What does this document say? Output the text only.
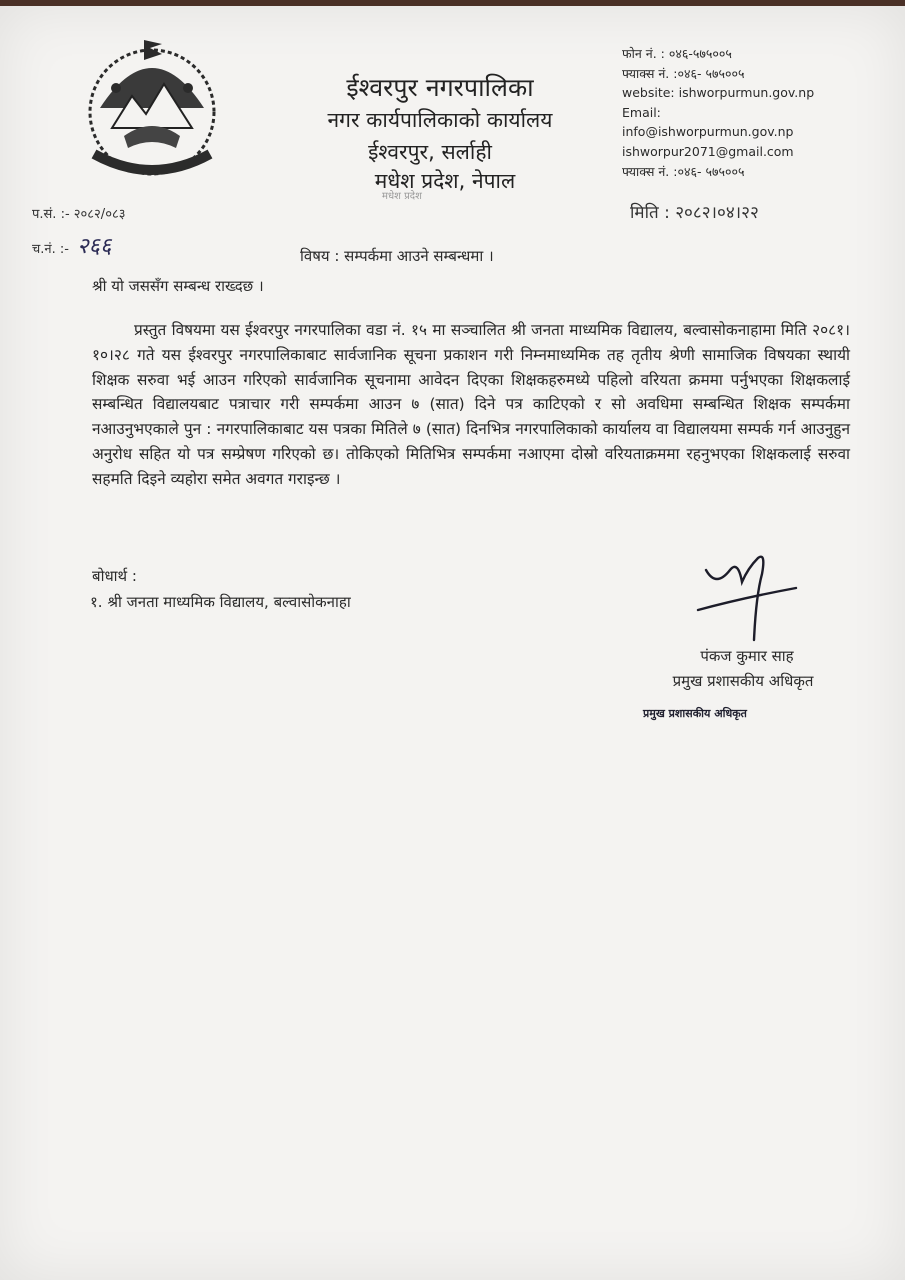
ईश्वरपुर नगरपालिका
नगर कार्यपालिकाको कार्यालय
ईश्वरपुर, सर्लाही
मधेश प्रदेश, नेपाल
मधेश प्रदेश
फोन नं. : ०४६-५७५००५
फ्याक्स नं. :०४६- ५७५००५
website: ishworpurmun.gov.np
Email:
info@ishworpurmun.gov.np
ishworpur2071@gmail.com
फ्याक्स नं. :०४६- ५७५००५
प.सं. :- २०८२/०८३
च.नं. :- २६६
मिति : २०८२।०४।२२
विषय : सम्पर्कमा आउने सम्बन्धमा ।
श्री यो जससँग सम्बन्ध राख्दछ ।
प्रस्तुत विषयमा यस ईश्वरपुर नगरपालिका वडा नं. १५ मा सञ्चालित श्री जनता माध्यमिक विद्यालय, बल्वासोकनाहामा मिति २०८१।१०।२८ गते यस ईश्वरपुर नगरपालिकाबाट सार्वजानिक सूचना प्रकाशन गरी निम्नमाध्यमिक तह तृतीय श्रेणी सामाजिक विषयका स्थायी शिक्षक सरुवा भई आउन गरिएको सार्वजानिक सूचनामा आवेदन दिएका शिक्षकहरुमध्ये पहिलो वरियता क्रममा पर्नुभएका शिक्षकलाई सम्बन्धित विद्यालयबाट पत्राचार गरी सम्पर्कमा आउन ७ (सात) दिने पत्र काटिएको र सो अवधिमा सम्बन्धित शिक्षक सम्पर्कमा नआउनुभएकाले पुन : नगरपालिकाबाट यस पत्रका मितिले ७ (सात) दिनभित्र नगरपालिकाको कार्यालय वा विद्यालयमा सम्पर्क गर्न आउनुहुन अनुरोध सहित यो पत्र सम्प्रेषण गरिएको छ। तोकिएको मितिभित्र सम्पर्कमा नआएमा दोस्रो वरियताक्रममा रहनुभएका शिक्षकलाई सरुवा सहमति दिइने व्यहोरा समेत अवगत गराइन्छ ।
बोधार्थ :
१. श्री जनता माध्यमिक विद्यालय, बल्वासोकनाहा
पंकज कुमार साह
प्रमुख प्रशासकीय अधिकृत
प्रमुख प्रशासकीय अधिकृत
